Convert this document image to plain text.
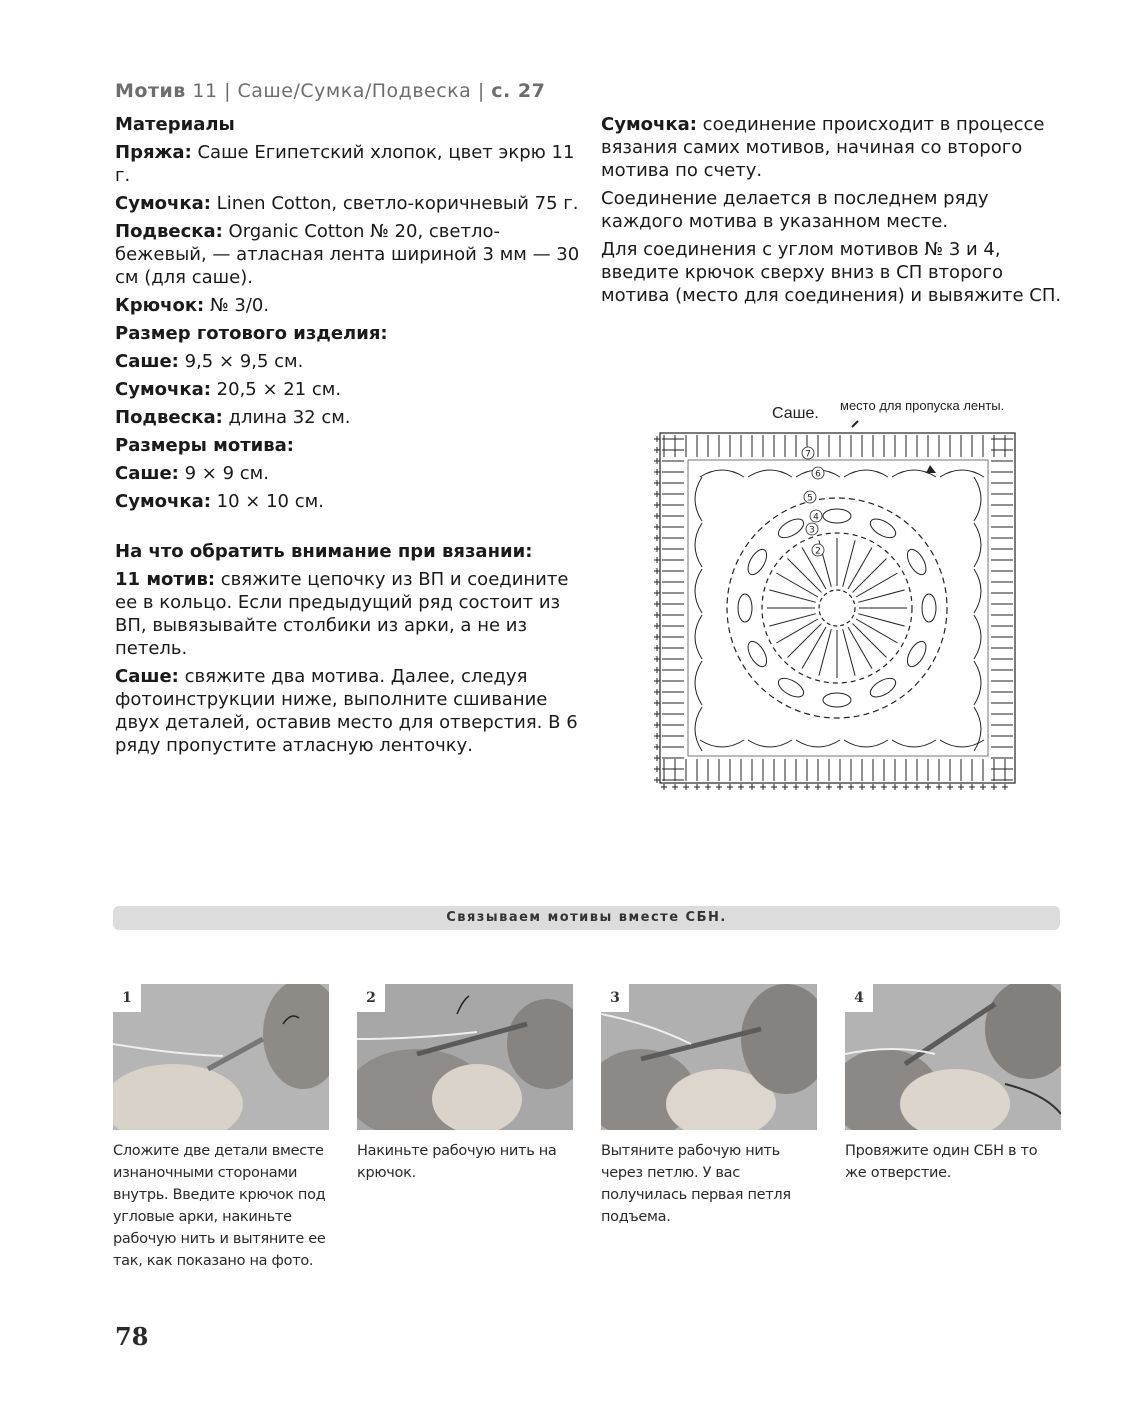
Мотив 11 | Саше/Сумка/Подвеска | с. 27

Материалы

Пряжа: Саше Египетский хлопок, цвет экрю 11 г.

Сумочка: Linen Cotton, светло-коричневый 75 г.

Подвеска: Organic Cotton № 20, светло-бежевый, — атласная лента шириной 3 мм — 30 см (для саше).

Крючок: № 3/0.

Размер готового изделия:

Саше: 9,5 × 9,5 см.

Сумочка: 20,5 × 21 см.

Подвеска: длина 32 см.

Размеры мотива:

Саше: 9 × 9 см.

Сумочка: 10 × 10 см.

На что обратить внимание при вязании:

11 мотив: свяжите цепочку из ВП и соедините ее в кольцо. Если предыдущий ряд состоит из ВП, вывязывайте столбики из арки, а не из петель.

Саше: свяжите два мотива. Далее, следуя фотоинструкции ниже, выполните сшивание двух деталей, оставив место для отверстия. В 6 ряду пропустите атласную ленточку.

Сумочка: соединение происходит в процессе вязания самих мотивов, начиная со второго мотива по счету.

Соединение делается в последнем ряду каждого мотива в указанном месте.

Для соединения с углом мотивов № 3 и 4, введите крючок сверху вниз в СП второго мотива (место для соединения) и вывяжите СП.

Саше. место для пропуска ленты.
7
6
5
4
3
2
Связываем мотивы вместе СБН.
1
Сложите две детали вместе изнаночными сторонами внутрь. Введите крючок под угловые арки, накиньте рабочую нить и вытяните ее так, как показано на фото.
2
Накиньте рабочую нить на крючок.
3
Вытяните рабочую нить через петлю. У вас получилась первая петля подъема.
4
Провяжите один СБН в то же отверстие.
78
